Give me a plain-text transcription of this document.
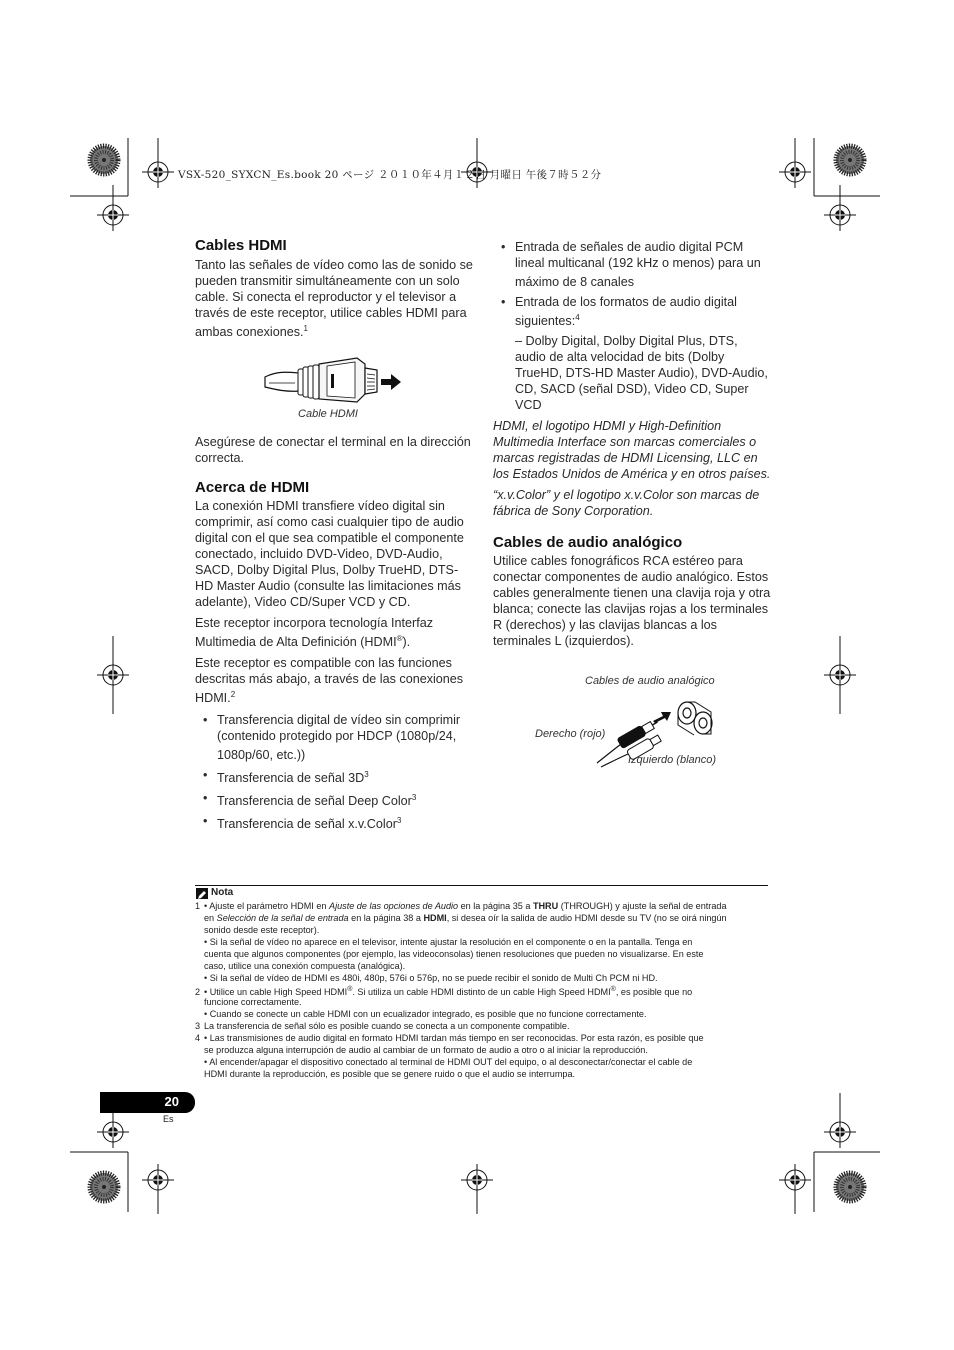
VSX-520_SYXCN_Es.book 20 ページ ２０１０年４月１２日 月曜日 午後７時５２分
Cables HDMI

Tanto las señales de vídeo como las de sonido se pueden transmitir simultáneamente con un solo cable. Si conecta el reproductor y el televisor a través de este receptor, utilice cables HDMI para ambas conexiones.$^1$

Cable HDMI

Asegúrese de conectar el terminal en la dirección correcta.

Acerca de HDMI

La conexión HDMI transfiere vídeo digital sin comprimir, así como casi cualquier tipo de audio digital con el que sea compatible el componente conectado, incluido DVD-Video, DVD-Audio, SACD, Dolby Digital Plus, Dolby TrueHD, DTS-HD Master Audio (consulte las limitaciones más adelante), Video CD/Super VCD y CD.

Este receptor incorpora tecnología Interfaz Multimedia de Alta Definición (HDMI®).

Este receptor es compatible con las funciones descritas más abajo, a través de las conexiones HDMI.$^2$

• Transferencia digital de vídeo sin comprimir (contenido protegido por HDCP (1080p/24, 1080p/60, etc.))
• Transferencia de señal $3D^3$
• Transferencia de señal Deep Color$^3$
• Transferencia de señal x.v.Color$^3$
• Entrada de señales de audio digital PCM lineal multicanal (192 kHz o menos) para un máximo de 8 canales
• Entrada de los formatos de audio digital siguientes:$^4$

– Dolby Digital, Dolby Digital Plus, DTS, audio de alta velocidad de bits (Dolby TrueHD, DTS-HD Master Audio), DVD-Audio, CD, SACD (señal DSD), Video CD, Super VCD

HDMI, el logotipo HDMI y High-Definition Multimedia Interface son marcas comerciales o marcas registradas de HDMI Licensing, LLC en los Estados Unidos de América y en otros países.

“x.v.Color” y el logotipo x.v.Color son marcas de fábrica de Sony Corporation.

Cables de audio analógico

Utilice cables fonográficos RCA estéreo para conectar componentes de audio analógico. Estos cables generalmente tienen una clavija roja y otra blanca; conecte las clavijas rojas a los terminales R (derechos) y las clavijas blancas a los terminales L (izquierdos).

Cables de audio analógico
Derecho (rojo)
Izquierdo (blanco)
Nota
1 • Ajuste el parámetro HDMI en Ajuste de las opciones de Audio en la página 35 a THRU (THROUGH) y ajuste la señal de entrada
en Selección de la señal de entrada en la página 38 a HDMI, si desea oír la salida de audio HDMI desde su TV (no se oirá ningún
sonido desde este receptor).
• Si la señal de vídeo no aparece en el televisor, intente ajustar la resolución en el componente o en la pantalla. Tenga en
cuenta que algunos componentes (por ejemplo, las videoconsolas) tienen resoluciones que pueden no visualizarse. En este
caso, utilice una conexión compuesta (analógica).
• Si la señal de vídeo de HDMI es 480i, 480p, 576i o 576p, no se puede recibir el sonido de Multi Ch PCM ni HD.
2 • Utilice un cable High Speed HDMI®. Si utiliza un cable HDMI distinto de un cable High Speed HDMI®, es posible que no
funcione correctamente.
• Cuando se conecte un cable HDMI con un ecualizador integrado, es posible que no funcione correctamente.
3 La transferencia de señal sólo es posible cuando se conecta a un componente compatible.
4 • Las transmisiones de audio digital en formato HDMI tardan más tiempo en ser reconocidas. Por esta razón, es posible que
se produzca alguna interrupción de audio al cambiar de un formato de audio a otro o al iniciar la reproducción.
• Al encender/apagar el dispositivo conectado al terminal de HDMI OUT del equipo, o al desconectar/conectar el cable de
HDMI durante la reproducción, es posible que se genere ruido o que el audio se interrumpa.
20
Es
